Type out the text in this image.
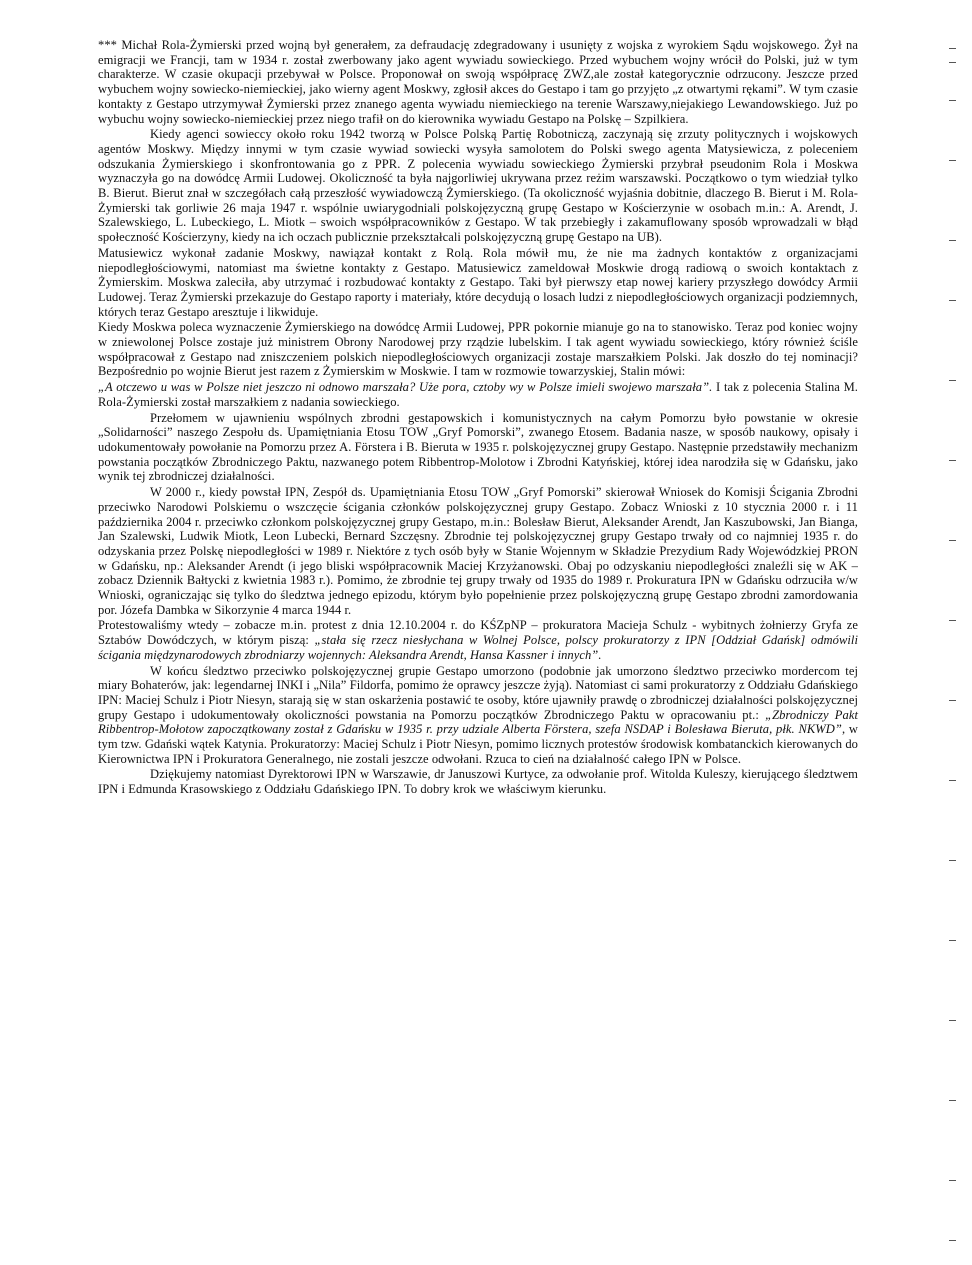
*** Michał Rola-Żymierski przed wojną był generałem, za defraudację zdegradowany i usunięty z wojska z wyrokiem Sądu wojskowego. Żył na emigracji we Francji, tam w 1934 r. został zwerbowany jako agent wywiadu sowieckiego. Przed wybuchem wojny wrócił do Polski, już w tym charakterze. W czasie okupacji przebywał w Polsce. Proponował on swoją współpracę ZWZ,ale został kategorycznie odrzucony. Jeszcze przed wybuchem wojny sowiecko-niemieckiej, jako wierny agent Moskwy, zgłosił akces do Gestapo i tam go przyjęto „z otwartymi rękami”. W tym czasie kontakty z Gestapo utrzymywał Żymierski przez znanego agenta wywiadu niemieckiego na terenie Warszawy,niejakiego Lewandowskiego. Już po wybuchu wojny sowiecko-niemieckiej przez niego trafił on do kierownika wywiadu Gestapo na Polskę – Szpilkiera.

Kiedy agenci sowieccy około roku 1942 tworzą w Polsce Polską Partię Robotniczą, zaczynają się zrzuty politycznych i wojskowych agentów Moskwy. Między innymi w tym czasie wywiad sowiecki wysyła samolotem do Polski swego agenta Matysiewicza, z poleceniem odszukania Żymierskiego i skonfrontowania go z PPR. Z polecenia wywiadu sowieckiego Żymierski przybrał pseudonim Rola i Moskwa wyznaczyła go na dowódcę Armii Ludowej. Okoliczność ta była najgorliwiej ukrywana przez reżim warszawski. Początkowo o tym wiedział tylko B. Bierut. Bierut znał w szczegółach całą przeszłość wywiadowczą Żymierskiego. (Ta okoliczność wyjaśnia dobitnie, dlaczego B. Bierut i M. Rola-Żymierski tak gorliwie 26 maja 1947 r. wspólnie uwiarygodniali polskojęzyczną grupę Gestapo w Kościerzynie w osobach m.in.: A. Arendt, J. Szalewskiego, L. Lubeckiego, L. Miotk – swoich współpracowników z Gestapo. W tak przebiegły i zakamuflowany sposób wprowadzali w błąd społeczność Kościerzyny, kiedy na ich oczach publicznie przekształcali polskojęzyczną grupę Gestapo na UB).

Matusiewicz wykonał zadanie Moskwy, nawiązał kontakt z Rolą. Rola mówił mu, że nie ma żadnych kontaktów z organizacjami niepodległościowymi, natomiast ma świetne kontakty z Gestapo. Matusiewicz zameldował Moskwie drogą radiową o swoich kontaktach z Żymierskim. Moskwa zaleciła, aby utrzymać i rozbudować kontakty z Gestapo. Taki był pierwszy etap nowej kariery przyszłego dowódcy Armii Ludowej. Teraz Żymierski przekazuje do Gestapo raporty i materiały, które decydują o losach ludzi z niepodległościowych organizacji podziemnych, których teraz Gestapo aresztuje i likwiduje.

Kiedy Moskwa poleca wyznaczenie Żymierskiego na dowódcę Armii Ludowej, PPR pokornie mianuje go na to stanowisko. Teraz pod koniec wojny w zniewolonej Polsce zostaje już ministrem Obrony Narodowej przy rządzie lubelskim. I tak agent wywiadu sowieckiego, który również ściśle współpracował z Gestapo nad zniszczeniem polskich niepodległościowych organizacji zostaje marszałkiem Polski. Jak doszło do tej nominacji? Bezpośrednio po wojnie Bierut jest razem z Żymierskim w Moskwie. I tam w rozmowie towarzyskiej, Stalin mówi:

„A otczewo u was w Polsze niet jeszczo ni odnowo marszała? Uże pora, cztoby wy w Polsze imieli swojewo marszała”. I tak z polecenia Stalina M. Rola-Żymierski został marszałkiem z nadania sowieckiego.

Przełomem w ujawnieniu wspólnych zbrodni gestapowskich i komunistycznych na całym Pomorzu było powstanie w okresie „Solidarności” naszego Zespołu ds. Upamiętniania Etosu TOW „Gryf Pomorski”, zwanego Etosem. Badania nasze, w sposób naukowy, opisały i udokumentowały powołanie na Pomorzu przez A. Förstera i B. Bieruta w 1935 r. polskojęzycznej grupy Gestapo. Następnie przedstawiły mechanizm powstania początków Zbrodniczego Paktu, nazwanego potem Ribbentrop-Molotow i Zbrodni Katyńskiej, której idea narodziła się w Gdańsku, jako wynik tej zbrodniczej działalności.

W 2000 r., kiedy powstał IPN, Zespół ds. Upamiętniania Etosu TOW „Gryf Pomorski” skierował Wniosek do Komisji Ścigania Zbrodni przeciwko Narodowi Polskiemu o wszczęcie ścigania członków polskojęzycznej grupy Gestapo. Zobacz Wnioski z 10 stycznia 2000 r. i 11 października 2004 r. przeciwko członkom polskojęzycznej grupy Gestapo, m.in.: Bolesław Bierut, Aleksander Arendt, Jan Kaszubowski, Jan Bianga, Jan Szalewski, Ludwik Miotk, Leon Lubecki, Bernard Szczęsny. Zbrodnie tej polskojęzycznej grupy Gestapo trwały od co najmniej 1935 r. do odzyskania przez Polskę niepodległości w 1989 r. Niektóre z tych osób były w Stanie Wojennym w Składzie Prezydium Rady Wojewódzkiej PRON w Gdańsku, np.: Aleksander Arendt (i jego bliski współpracownik Maciej Krzyżanowski. Obaj po odzyskaniu niepodległości znaleźli się w AK – zobacz Dziennik Bałtycki z kwietnia 1983 r.). Pomimo, że zbrodnie tej grupy trwały od 1935 do 1989 r. Prokuratura IPN w Gdańsku odrzuciła w/w Wnioski, ograniczając się tylko do śledztwa jednego epizodu, którym było popełnienie przez polskojęzyczną grupę Gestapo zbrodni zamordowania por. Józefa Dambka w Sikorzynie 4 marca 1944 r.

Protestowaliśmy wtedy – zobacze m.in. protest z dnia 12.10.2004 r. do KŚZpNP – prokuratora Macieja Schulz - wybitnych żołnierzy Gryfa ze Sztabów Dowódczych, w którym piszą: „stała się rzecz niesłychana w Wolnej Polsce, polscy prokuratorzy z IPN [Oddział Gdańsk] odmówili ścigania międzynarodowych zbrodniarzy wojennych: Aleksandra Arendt, Hansa Kassner i innych”.

W końcu śledztwo przeciwko polskojęzycznej grupie Gestapo umorzono (podobnie jak umorzono śledztwo przeciwko mordercom tej miary Bohaterów, jak: legendarnej INKI i „Nila” Fildorfa, pomimo że oprawcy jeszcze żyją). Natomiast ci sami prokuratorzy z Oddziału Gdańskiego IPN: Maciej Schulz i Piotr Niesyn, starają się w stan oskarżenia postawić te osoby, które ujawniły prawdę o zbrodniczej działalności polskojęzycznej grupy Gestapo i udokumentowały okoliczności powstania na Pomorzu początków Zbrodniczego Paktu w opracowaniu pt.: „Zbrodniczy Pakt Ribbentrop-Mołotow zapoczątkowany został z Gdańsku w 1935 r. przy udziale Alberta Förstera, szefa NSDAP i Bolesława Bieruta, płk. NKWD”, w tym tzw. Gdański wątek Katynia. Prokuratorzy: Maciej Schulz i Piotr Niesyn, pomimo licznych protestów środowisk kombatanckich kierowanych do Kierownictwa IPN i Prokuratora Generalnego, nie zostali jeszcze odwołani. Rzuca to cień na działalność całego IPN w Polsce.

Dziękujemy natomiast Dyrektorowi IPN w Warszawie, dr Januszowi Kurtyce, za odwołanie prof. Witolda Kuleszy, kierującego śledztwem IPN i Edmunda Krasowskiego z Oddziału Gdańskiego IPN. To dobry krok we właściwym kierunku.
